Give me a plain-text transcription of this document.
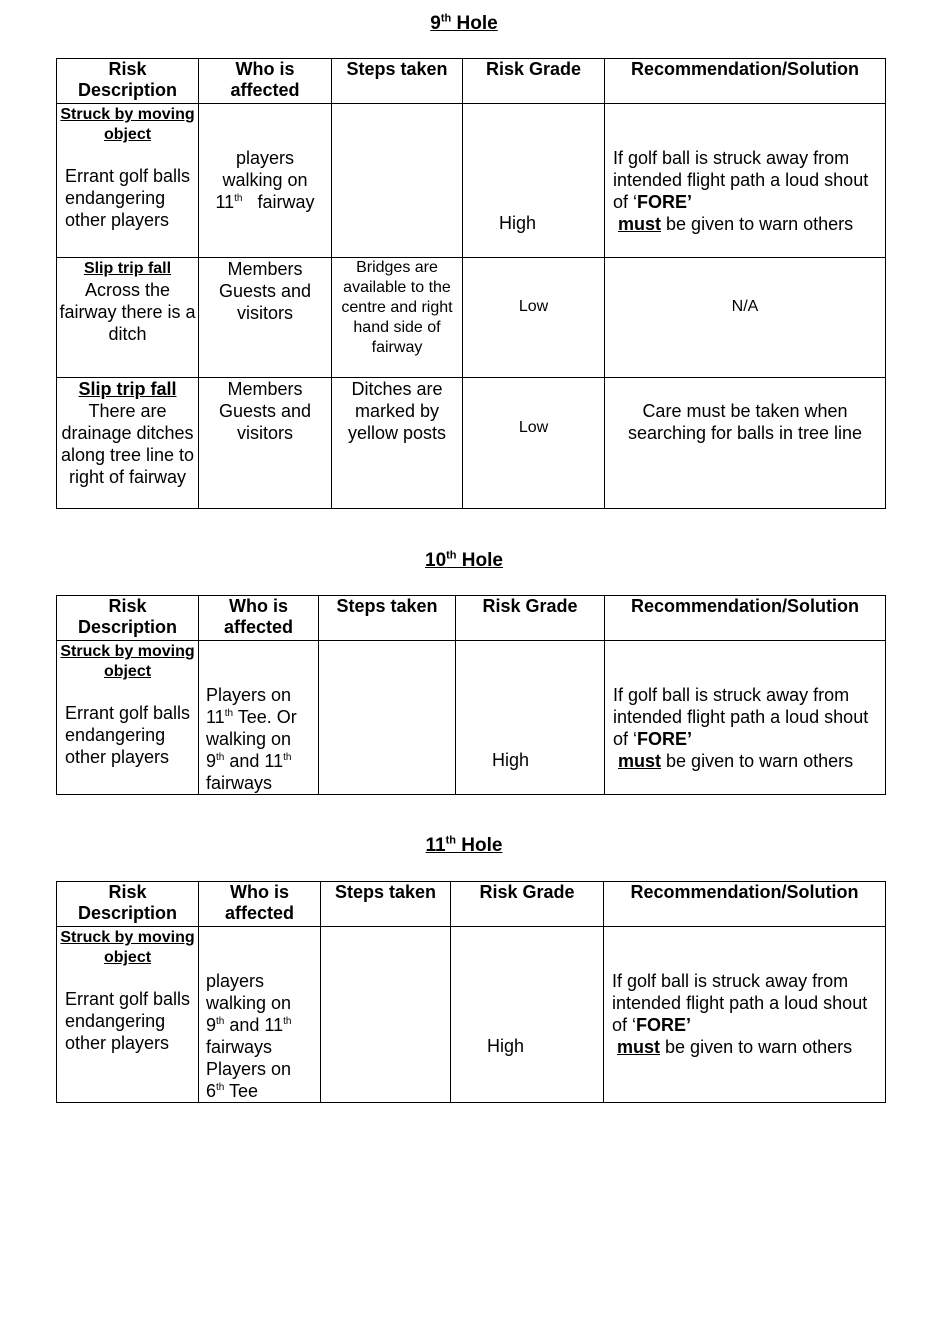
9th Hole
Risk Description	Who is affected	Steps taken	Risk Grade	Recommendation/Solution

Struck by moving object
Errant golf balls endangering other players	players walking on 11th   fairway		High	If golf ball is struck away from intended flight path a loud shout of ‘FORE’
must be given to warn others

Slip trip fall
Across the fairway there is a ditch	Members Guests and visitors	Bridges are available to the centre and right hand side of fairway	Low	N/A

Slip trip fall
There are drainage ditches along tree line to right of fairway	Members Guests and visitors	Ditches are marked by yellow posts	Low	Care must be taken when searching for balls in tree line
10th Hole
Risk Description	Who is affected	Steps taken	Risk Grade	Recommendation/Solution

Struck by moving object
Errant golf balls endangering other players	Players on 11th Tee. Or walking on 9th and 11th fairways		High	If golf ball is struck away from intended flight path a loud shout of ‘FORE’
must be given to warn others
11th Hole
Risk Description	Who is affected	Steps taken	Risk Grade	Recommendation/Solution

Struck by moving object
Errant golf balls endangering other players	players walking on 9th and 11th fairways Players on 6th Tee		High	If golf ball is struck away from intended flight path a loud shout of ‘FORE’
must be given to warn others
